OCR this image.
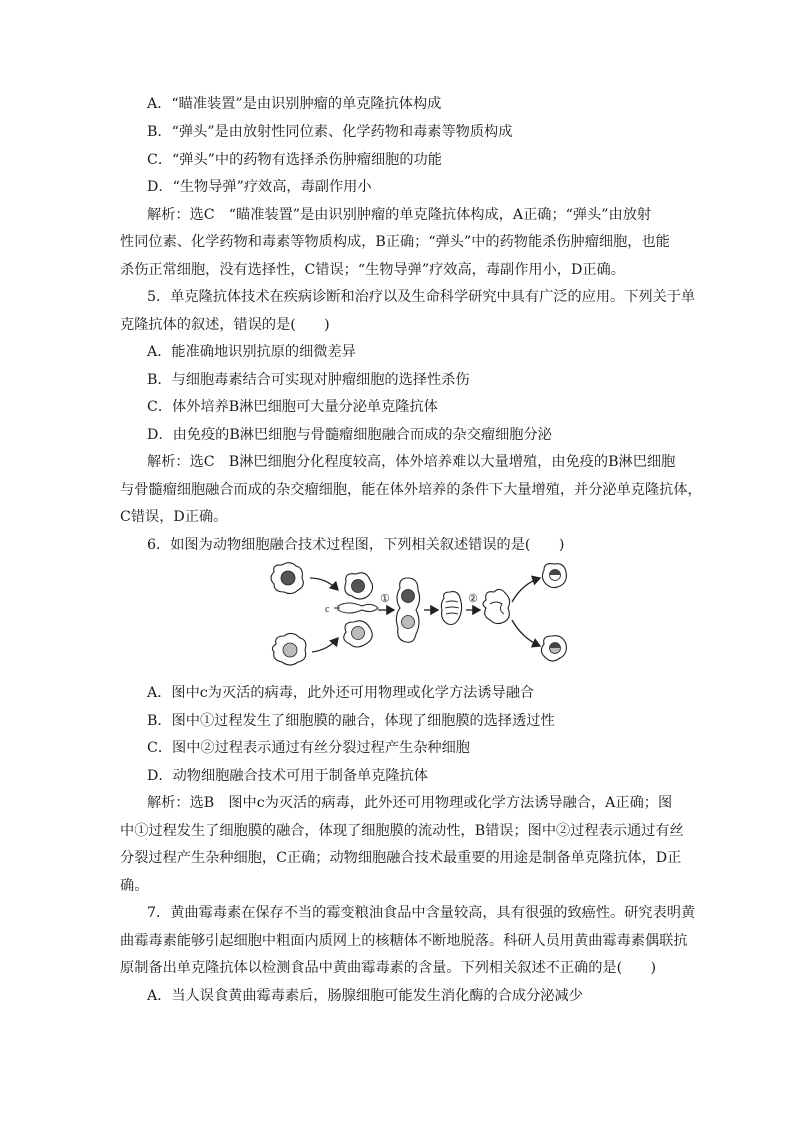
A．“瞄准装置”是由识别肿瘤的单克隆抗体构成
B．“弹头”是由放射性同位素、化学药物和毒素等物质构成
C．“弹头”中的药物有选择杀伤肿瘤细胞的功能
D．“生物导弹”疗效高，毒副作用小
解析：选C　“瞄准装置”是由识别肿瘤的单克隆抗体构成，A正确；“弹头”由放射
性同位素、化学药物和毒素等物质构成，B正确；“弹头”中的药物能杀伤肿瘤细胞，也能
杀伤正常细胞，没有选择性，C错误；“生物导弹”疗效高，毒副作用小，D正确。
5．单克隆抗体技术在疾病诊断和治疗以及生命科学研究中具有广泛的应用。下列关于单
克隆抗体的叙述，错误的是(　　)
A．能准确地识别抗原的细微差异
B．与细胞毒素结合可实现对肿瘤细胞的选择性杀伤
C．体外培养B淋巴细胞可大量分泌单克隆抗体
D．由免疫的B淋巴细胞与骨髓瘤细胞融合而成的杂交瘤细胞分泌
解析：选C　B淋巴细胞分化程度较高，体外培养难以大量增殖，由免疫的B淋巴细胞
与骨髓瘤细胞融合而成的杂交瘤细胞，能在体外培养的条件下大量增殖，并分泌单克隆抗体，
C错误，D正确。
6．如图为动物细胞融合技术过程图，下列相关叙述错误的是(　　)
c
①	②
A．图中c为灭活的病毒，此外还可用物理或化学方法诱导融合
B．图中①过程发生了细胞膜的融合，体现了细胞膜的选择透过性
C．图中②过程表示通过有丝分裂过程产生杂种细胞
D．动物细胞融合技术可用于制备单克隆抗体
解析：选B　图中c为灭活的病毒，此外还可用物理或化学方法诱导融合，A正确；图
中①过程发生了细胞膜的融合，体现了细胞膜的流动性，B错误；图中②过程表示通过有丝
分裂过程产生杂种细胞，C正确；动物细胞融合技术最重要的用途是制备单克隆抗体，D正
确。
7．黄曲霉毒素在保存不当的霉变粮油食品中含量较高，具有很强的致癌性。研究表明黄
曲霉毒素能够引起细胞中粗面内质网上的核糖体不断地脱落。科研人员用黄曲霉毒素偶联抗
原制备出单克隆抗体以检测食品中黄曲霉毒素的含量。下列相关叙述不正确的是(　　)
A．当人误食黄曲霉毒素后，肠腺细胞可能发生消化酶的合成分泌减少
